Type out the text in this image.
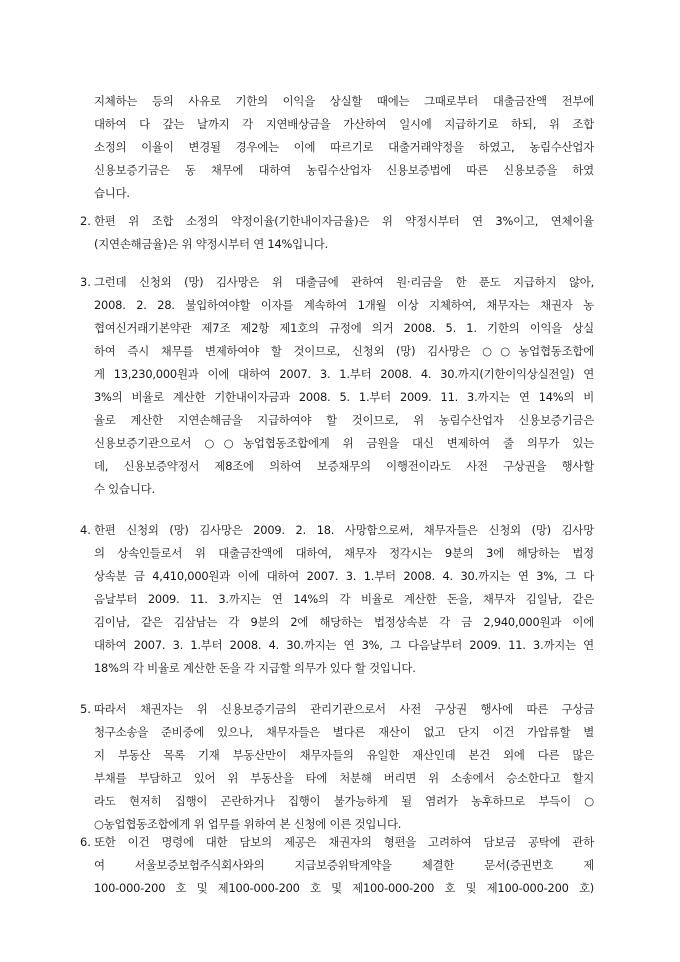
지체하는 등의 사유로 기한의 이익을 상실할 때에는 그때로부터 대출금잔액 전부에
대하여 다 갚는 날까지 각 지연배상금을 가산하여 일시에 지급하기로 하되, 위 조합
소정의 이율이 변경될 경우에는 이에 따르기로 대출거래약정을 하였고, 농림수산업자
신용보증기금은 동 채무에 대하여 농림수산업자 신용보증법에 따른 신용보증을 하였
습니다.
2. 한편 위 조합 소정의 약정이율(기한내이자금율)은 위 약정시부터 연 3%이고, 연체이율
(지연손해금율)은 위 약정시부터 연 14%입니다.
3. 그런데 신청외 (망) 김사망은 위 대출금에 관하여 원·리금을 한 푼도 지급하지 않아,
2008. 2. 28. 불입하여야할 이자를 계속하여 1개월 이상 지체하여, 채무자는 채권자 농
협여신거래기본약관 제7조 제2항 제1호의 규정에 의거 2008. 5. 1. 기한의 이익을 상실
하여 즉시 채무를 변제하여야 할 것이므로, 신청외 (망) 김사망은 ○○농업협동조합에
게 13,230,000원과 이에 대하여 2007. 3. 1.부터 2008. 4. 30.까지(기한이익상실전일) 연
3%의 비율로 계산한 기한내이자금과 2008. 5. 1.부터 2009. 11. 3.까지는 연 14%의 비
율로 계산한 지연손해금을 지급하여야 할 것이므로, 위 농림수산업자 신용보증기금은
신용보증기관으로서 ○○농업협동조합에게 위 금원을 대신 변제하여 줄 의무가 있는
데, 신용보증약정서 제8조에 의하여 보증채무의 이행전이라도 사전 구상권을 행사할
수 있습니다.
4. 한편 신청외 (망) 김사망은 2009. 2. 18. 사망함으로써, 채무자들은 신청외 (망) 김사망
의 상속인들로서 위 대출금잔액에 대하여, 채무자 정각시는 9분의 3에 해당하는 법정
상속분 금 4,410,000원과 이에 대하여 2007. 3. 1.부터 2008. 4. 30.까지는 연 3%, 그 다
음날부터 2009. 11. 3.까지는 연 14%의 각 비율로 계산한 돈을, 채무자 김일남, 같은
김이남, 같은 김삼남는 각 9분의 2에 해당하는 법정상속분 각 금 2,940,000원과 이에
대하여 2007. 3. 1.부터 2008. 4. 30.까지는 연 3%, 그 다음날부터 2009. 11. 3.까지는 연
18%의 각 비율로 계산한 돈을 각 지급할 의무가 있다 할 것입니다.
5. 따라서 채권자는 위 신용보증기금의 관리기관으로서 사전 구상권 행사에 따른 구상금
청구소송을 준비중에 있으나, 채무자들은 별다른 재산이 없고 단지 이건 가압류할 별
지 부동산 목록 기재 부동산만이 채무자들의 유일한 재산인데 본건 외에 다른 많은
부채를 부담하고 있어 위 부동산을 타에 처분해 버리면 위 소송에서 승소한다고 할지
라도 현저히 집행이 곤란하거나 집행이 불가능하게 될 염려가 농후하므로 부득이 ○
○농업협동조합에게 위 업무를 위하여 본 신청에 이른 것입니다.
6. 또한 이건 명령에 대한 담보의 제공은 채권자의 형편을 고려하여 담보금 공탁에 관하
여 서울보증보험주식회사와의 지급보증위탁계약을 체결한 문서(증권번호 제
100-000-200 호 및 제100-000-200 호 및 제100-000-200 호 및 제100-000-200 호)
